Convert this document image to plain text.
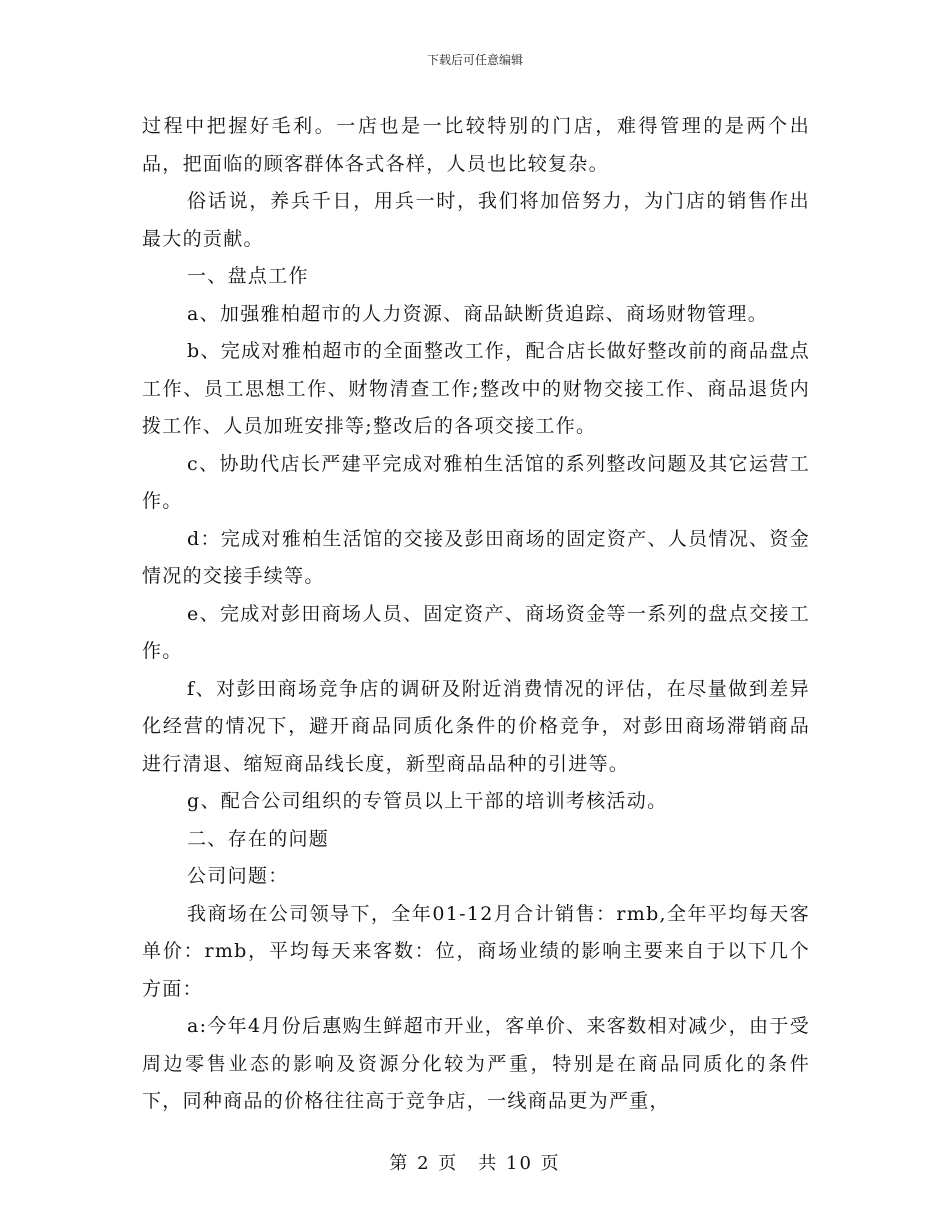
下载后可任意编辑

过程中把握好毛利。一店也是一比较特别的门店，难得管理的是两个出品，把面临的顾客群体各式各样，人员也比较复杂。

俗话说，养兵千日，用兵一时，我们将加倍努力，为门店的销售作出最大的贡献。

一、盘点工作

a、加强雅柏超市的人力资源、商品缺断货追踪、商场财物管理。

b、完成对雅柏超市的全面整改工作，配合店长做好整改前的商品盘点工作、员工思想工作、财物清查工作;整改中的财物交接工作、商品退货内拨工作、人员加班安排等;整改后的各项交接工作。

c、协助代店长严建平完成对雅柏生活馆的系列整改问题及其它运营工作。

d：完成对雅柏生活馆的交接及彭田商场的固定资产、人员情况、资金情况的交接手续等。

e、完成对彭田商场人员、固定资产、商场资金等一系列的盘点交接工作。

f、对彭田商场竞争店的调研及附近消费情况的评估，在尽量做到差异化经营的情况下，避开商品同质化条件的价格竞争，对彭田商场滞销商品进行清退、缩短商品线长度，新型商品品种的引进等。

g、配合公司组织的专管员以上干部的培训考核活动。

二、存在的问题

公司问题：

我商场在公司领导下，全年01-12月合计销售：rmb,全年平均每天客单价：rmb，平均每天来客数：位，商场业绩的影响主要来自于以下几个方面：

a:今年4月份后惠购生鲜超市开业，客单价、来客数相对减少，由于受周边零售业态的影响及资源分化较为严重，特别是在商品同质化的条件下，同种商品的价格往往高于竞争店，一线商品更为严重，

第 2 页　共 10 页
